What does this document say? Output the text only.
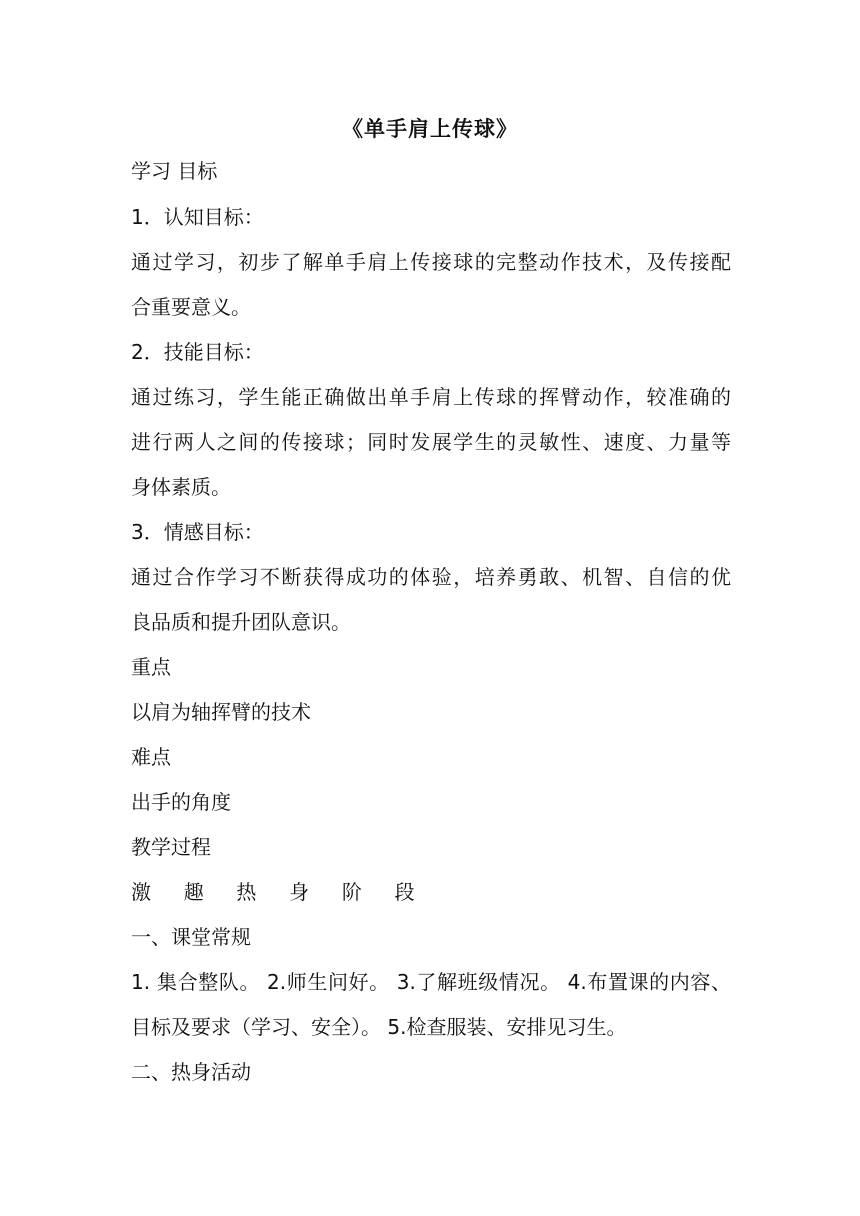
《单手肩上传球》
学习 目标
1．认知目标：
通过学习，初步了解单手肩上传接球的完整动作技术，及传接配
合重要意义。
2．技能目标：
通过练习，学生能正确做出单手肩上传球的挥臂动作，较准确的
进行两人之间的传接球；同时发展学生的灵敏性、速度、力量等
身体素质。
3．情感目标：
通过合作学习不断获得成功的体验，培养勇敢、机智、自信的优
良品质和提升团队意识。
重点
以肩为轴挥臂的技术
难点
出手的角度
教学过程
激  趣  热  身  阶  段
一、课堂常规
1. 集合整队。 2.师生问好。 3.了解班级情况。 4.布置课的内容、
目标及要求（学习、安全）。 5.检查服装、安排见习生。
二、热身活动
